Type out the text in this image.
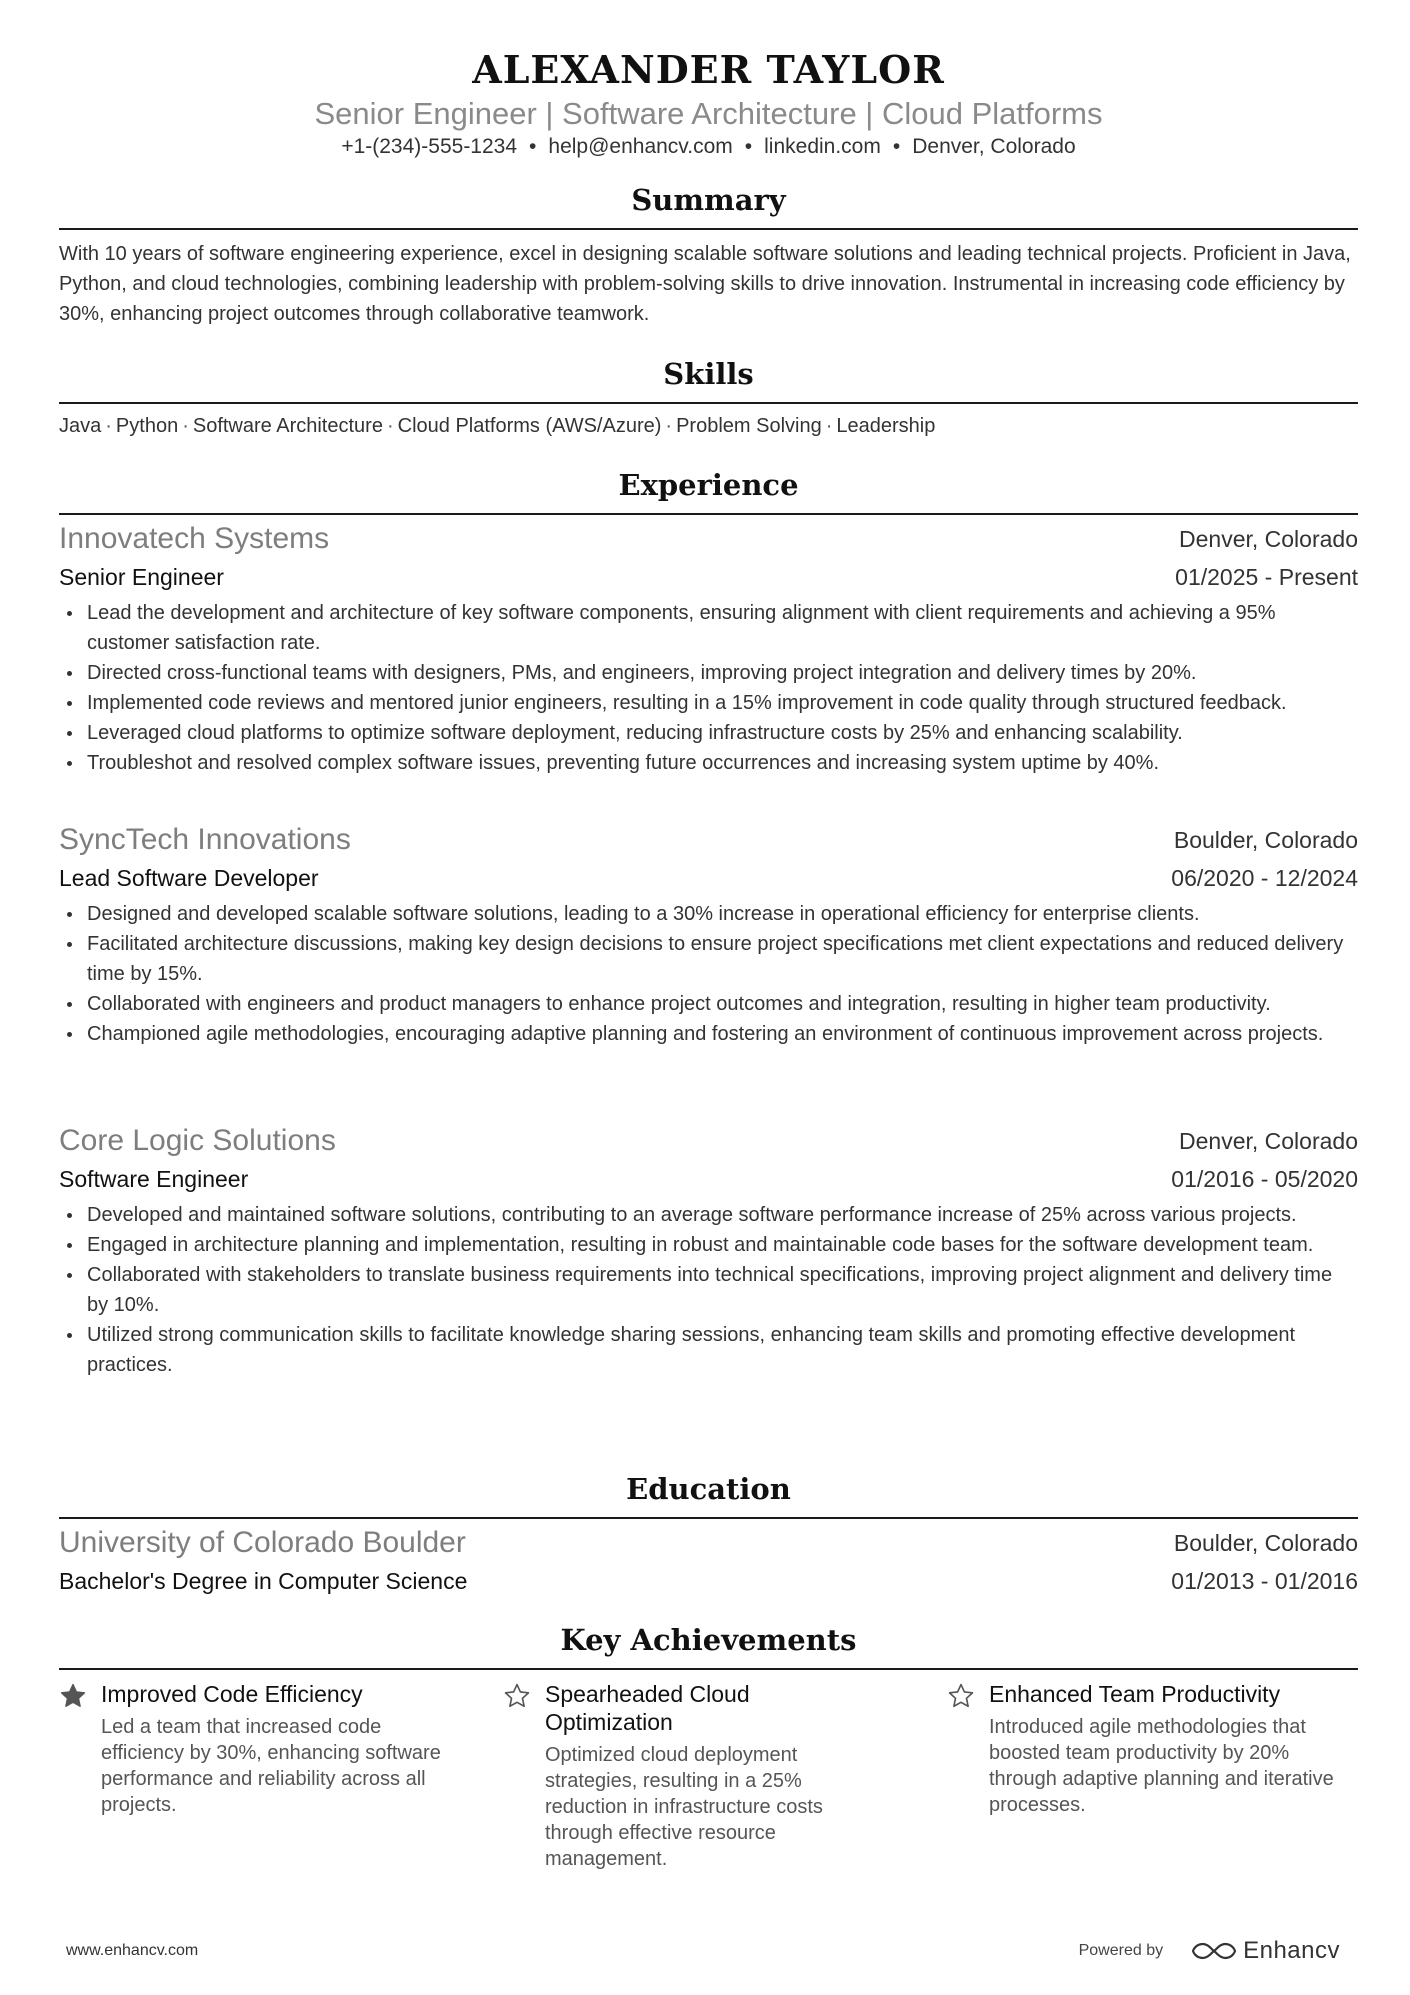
ALEXANDER TAYLOR
Senior Engineer | Software Architecture | Cloud Platforms
+1-(234)-555-1234 • help@enhancv.com • linkedin.com • Denver, Colorado
Summary
With 10 years of software engineering experience, excel in designing scalable software solutions and leading technical projects. Proficient in Java, Python, and cloud technologies, combining leadership with problem-solving skills to drive innovation. Instrumental in increasing code efficiency by 30%, enhancing project outcomes through collaborative teamwork.
Skills
Java · Python · Software Architecture · Cloud Platforms (AWS/Azure) · Problem Solving · Leadership
Experience
Innovatech Systems	Denver, Colorado
Senior Engineer	01/2025 - Present
Lead the development and architecture of key software components, ensuring alignment with client requirements and achieving a 95% customer satisfaction rate.
Directed cross-functional teams with designers, PMs, and engineers, improving project integration and delivery times by 20%.
Implemented code reviews and mentored junior engineers, resulting in a 15% improvement in code quality through structured feedback.
Leveraged cloud platforms to optimize software deployment, reducing infrastructure costs by 25% and enhancing scalability.
Troubleshot and resolved complex software issues, preventing future occurrences and increasing system uptime by 40%.
SyncTech Innovations	Boulder, Colorado
Lead Software Developer	06/2020 - 12/2024
Designed and developed scalable software solutions, leading to a 30% increase in operational efficiency for enterprise clients.
Facilitated architecture discussions, making key design decisions to ensure project specifications met client expectations and reduced delivery time by 15%.
Collaborated with engineers and product managers to enhance project outcomes and integration, resulting in higher team productivity.
Championed agile methodologies, encouraging adaptive planning and fostering an environment of continuous improvement across projects.
Core Logic Solutions	Denver, Colorado
Software Engineer	01/2016 - 05/2020
Developed and maintained software solutions, contributing to an average software performance increase of 25% across various projects.
Engaged in architecture planning and implementation, resulting in robust and maintainable code bases for the software development team.
Collaborated with stakeholders to translate business requirements into technical specifications, improving project alignment and delivery time by 10%.
Utilized strong communication skills to facilitate knowledge sharing sessions, enhancing team skills and promoting effective development practices.
Education
University of Colorado Boulder	Boulder, Colorado
Bachelor's Degree in Computer Science	01/2013 - 01/2016
Key Achievements
Improved Code Efficiency
Led a team that increased code efficiency by 30%, enhancing software performance and reliability across all projects.
Spearheaded Cloud Optimization
Optimized cloud deployment strategies, resulting in a 25% reduction in infrastructure costs through effective resource management.
Enhanced Team Productivity
Introduced agile methodologies that boosted team productivity by 20% through adaptive planning and iterative processes.
www.enhancv.com	Powered by	Enhancv
